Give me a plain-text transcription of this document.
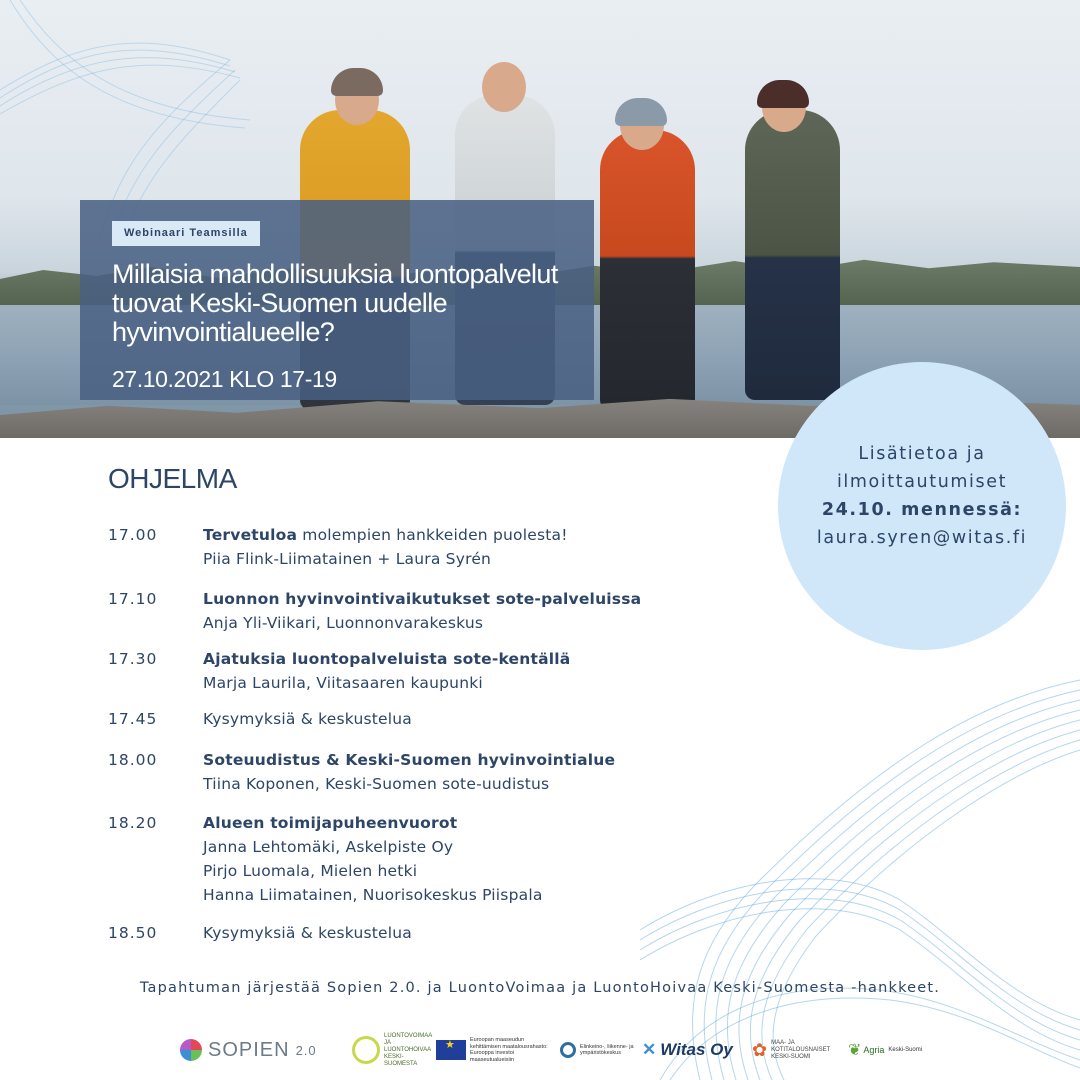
Webinaari Teamsilla
Millaisia mahdollisuuksia luontopalvelut
tuovat Keski-Suomen uudelle
hyvinvointialueelle?
27.10.2021 KLO 17-19
Lisätietoa ja
ilmoittautumiset
24.10. mennessä:
laura.syren@witas.fi
OHJELMA
17.00	Tervetuloa molempien hankkeiden puolesta!
Piia Flink-Liimatainen + Laura Syrén
17.10	Luonnon hyvinvointivaikutukset sote-palveluissa
Anja Yli-Viikari, Luonnonvarakeskus
17.30	Ajatuksia luontopalveluista sote-kentällä
Marja Laurila, Viitasaaren kaupunki
17.45	Kysymyksiä & keskustelua
18.00	Soteuudistus & Keski-Suomen hyvinvointialue
Tiina Koponen, Keski-Suomen sote-uudistus
18.20	Alueen toimijapuheenvuorot
Janna Lehtomäki, Askelpiste Oy
Pirjo Luomala, Mielen hetki
Hanna Liimatainen, Nuorisokeskus Piispala
18.50	Kysymyksiä & keskustelua
Tapahtuman järjestää Sopien 2.0. ja LuontoVoimaa ja LuontoHoivaa Keski-Suomesta -hankkeet.
SOPIEN 2.0
LUONTOVOIMAA JA LUONTOHOIVAA KESKI-SUOMESTA
★
Euroopan maaseudun kehittämisen maatalousrahasto: Eurooppa investoi maaseutualueisiin
Elinkeino-, liikenne- ja ympäristökeskus	✕ Witas Oy ✿ MAA- JA KOTITALOUSNAISET KESKI-SUOMI	❦ Agria Keski-Suomi
